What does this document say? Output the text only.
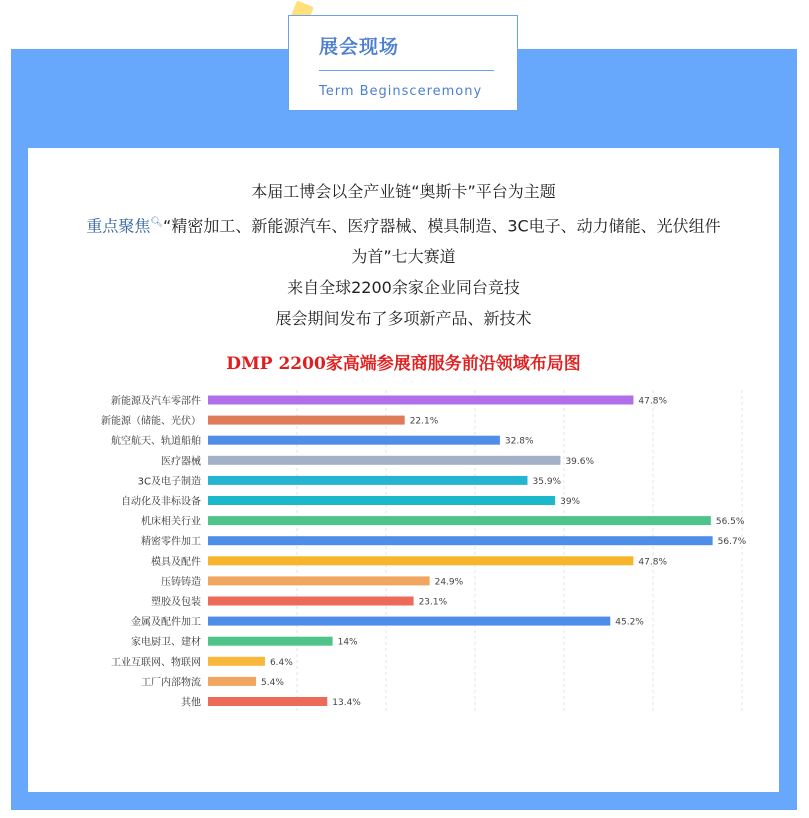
展会现场
Term Beginsceremony
本届工博会以全产业链“奥斯卡”平台为主题
重点聚焦🔍︎“精密加工、新能源汽车、医疗器械、模具制造、3C电子、动力储能、光伏组件
为首”七大赛道
来自全球2200余家企业同台竞技
展会期间发布了多项新产品、新技术
DMP 2200家高端参展商服务前沿领域布局图
新能源及汽车零部件	47.8%
新能源（储能、光伏）	22.1%
航空航天、轨道船舶	32.8%
医疗器械	39.6%
3C及电子制造	35.9%
自动化及非标设备	39%
机床相关行业	56.5%
精密零件加工	56.7%
模具及配件	47.8%
压铸铸造	24.9%
塑胶及包装	23.1%
金属及配件加工	45.2%
家电厨卫、建材	14%
工业互联网、物联网	6.4%
工厂内部物流	5.4%
其他	13.4%
